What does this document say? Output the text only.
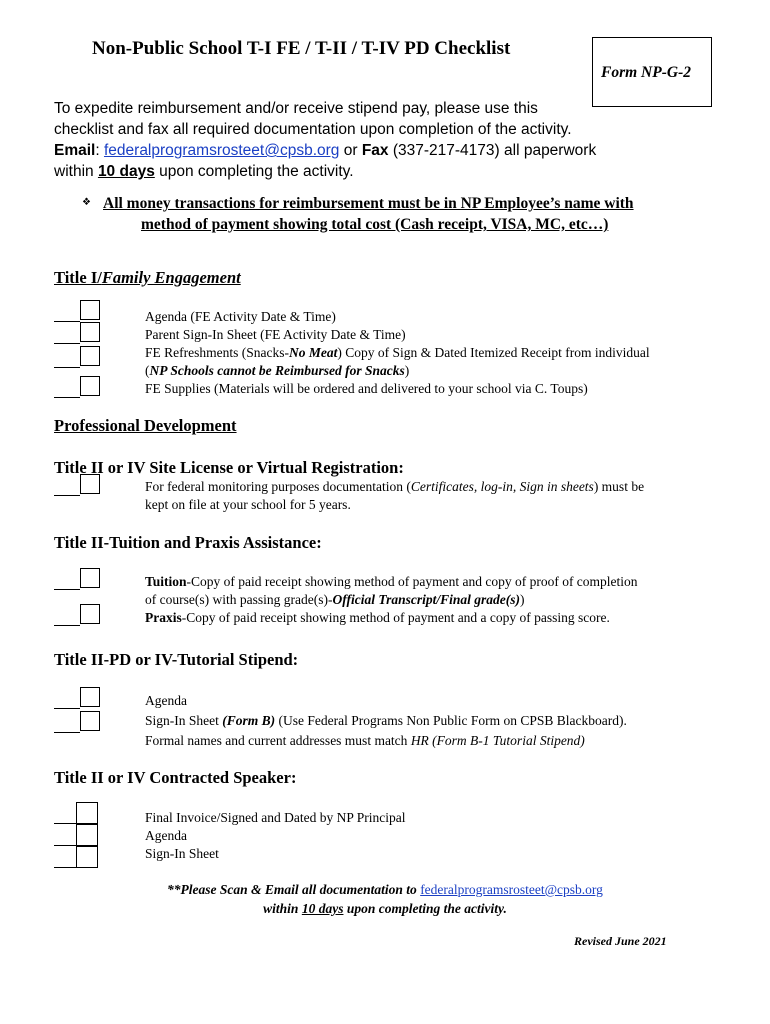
Non-Public School T-I FE / T-II / T-IV PD Checklist
Form NP-G-2
To expedite reimbursement and/or receive stipend pay, please use this
checklist and fax all required documentation upon completion of the activity.
Email: federalprogramsrosteet@cpsb.org or Fax (337-217-4173) all paperwork
within 10 days upon completing the activity.
❖ All money transactions for reimbursement must be in NP Employee’s name with
method of payment showing total cost (Cash receipt, VISA, MC, etc…)
Title I/Family Engagement
Agenda (FE Activity Date & Time)
Parent Sign-In Sheet (FE Activity Date & Time)
FE Refreshments (Snacks-No Meat) Copy of Sign & Dated Itemized Receipt from individual
(NP Schools cannot be Reimbursed for Snacks)
FE Supplies (Materials will be ordered and delivered to your school via C. Toups)
Professional Development
Title II or IV Site License or Virtual Registration:
For federal monitoring purposes documentation (Certificates, log-in, Sign in sheets) must be
kept on file at your school for 5 years.
Title II-Tuition and Praxis Assistance:
Tuition-Copy of paid receipt showing method of payment and copy of proof of completion
of course(s) with passing grade(s)-Official Transcript/Final grade(s))
Praxis-Copy of paid receipt showing method of payment and a copy of passing score.
Title II-PD or IV-Tutorial Stipend:
Agenda
Sign-In Sheet (Form B) (Use Federal Programs Non Public Form on CPSB Blackboard).
Formal names and current addresses must match HR (Form B-1 Tutorial Stipend)
Title II or IV Contracted Speaker:
Final Invoice/Signed and Dated by NP Principal
Agenda
Sign-In Sheet
**Please Scan & Email all documentation to federalprogramsrosteet@cpsb.org
within 10 days upon completing the activity.
Revised June 2021
